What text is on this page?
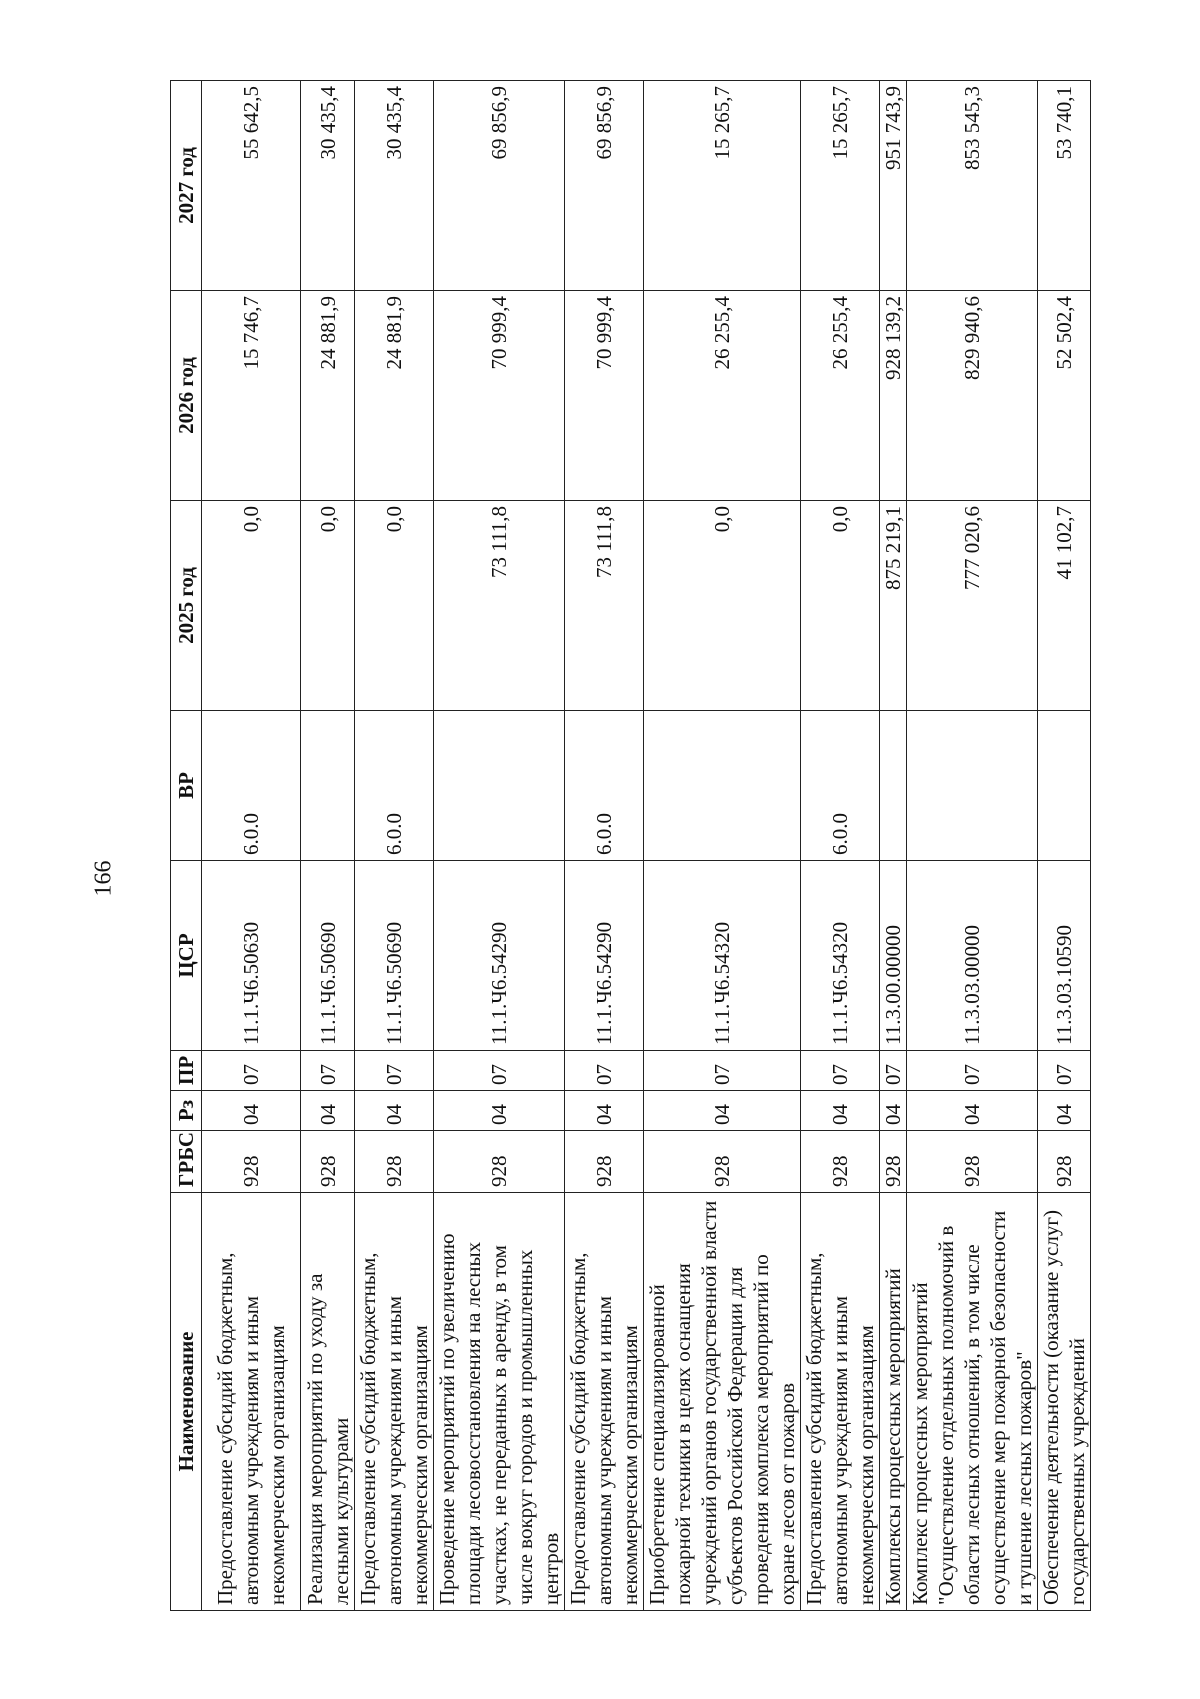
166
Наименование	ГРБС	Рз	ПР	ЦСР	ВР	2025 год	2026 год	2027 год
Предоставление субсидий бюджетным, автономным учреждениям и иным некоммерческим организациям	928	04	07	11.1.Ч6.50630	6.0.0	0,0	15 746,7	55 642,5
Реализация мероприятий по уходу за лесными культурами	928	04	07	11.1.Ч6.50690		0,0	24 881,9	30 435,4
Предоставление субсидий бюджетным, автономным учреждениям и иным некоммерческим организациям	928	04	07	11.1.Ч6.50690	6.0.0	0,0	24 881,9	30 435,4
Проведение мероприятий по увеличению площади лесовосстановления на лесных участках, не переданных в аренду, в том числе вокруг городов и промышленных центров	928	04	07	11.1.Ч6.54290		73 111,8	70 999,4	69 856,9
Предоставление субсидий бюджетным, автономным учреждениям и иным некоммерческим организациям	928	04	07	11.1.Ч6.54290	6.0.0	73 111,8	70 999,4	69 856,9
Приобретение специализированной пожарной техники в целях оснащения учреждений органов государственной власти субъектов Российской Федерации для проведения комплекса мероприятий по охране лесов от пожаров	928	04	07	11.1.Ч6.54320		0,0	26 255,4	15 265,7
Предоставление субсидий бюджетным, автономным учреждениям и иным некоммерческим организациям	928	04	07	11.1.Ч6.54320	6.0.0	0,0	26 255,4	15 265,7
Комплексы процессных мероприятий	928	04	07	11.3.00.00000		875 219,1	928 139,2	951 743,9
Комплекс процессных мероприятий "Осуществление отдельных полномочий в области лесных отношений, в том числе осуществление мер пожарной безопасности и тушение лесных пожаров"	928	04	07	11.3.03.00000		777 020,6	829 940,6	853 545,3
Обеспечение деятельности (оказание услуг) государственных учреждений	928	04	07	11.3.03.10590		41 102,7	52 502,4	53 740,1
